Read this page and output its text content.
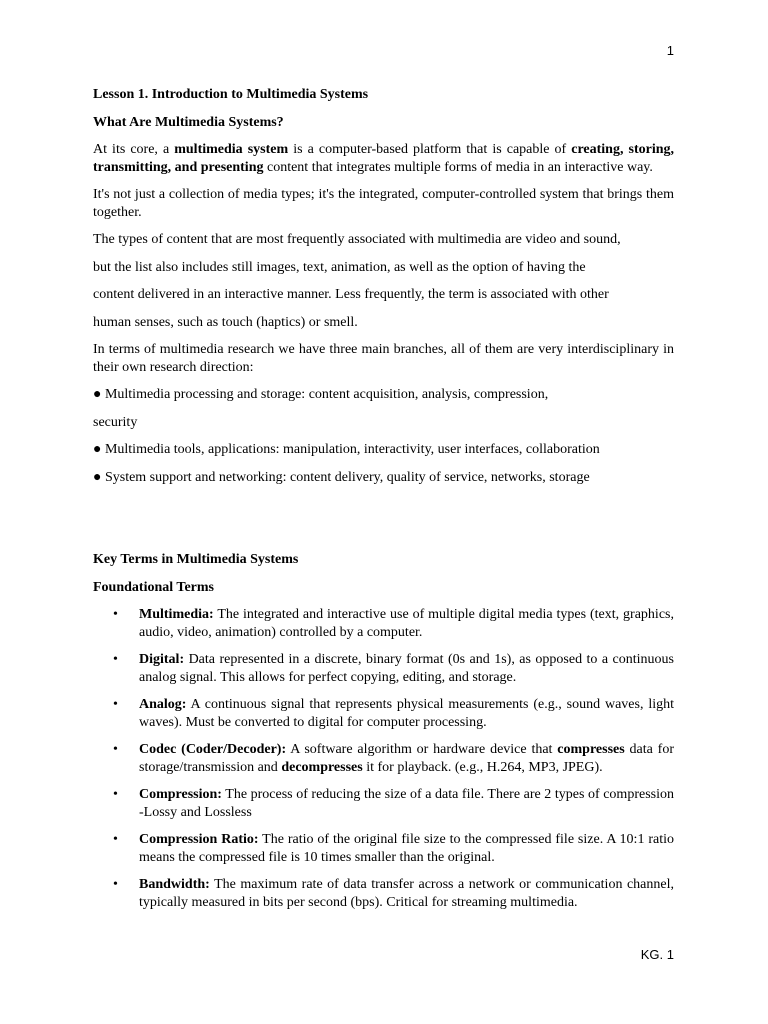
1

Lesson 1. Introduction to Multimedia Systems

What Are Multimedia Systems?

At its core, a multimedia system is a computer-based platform that is capable of creating, storing, transmitting, and presenting content that integrates multiple forms of media in an interactive way.

It's not just a collection of media types; it's the integrated, computer-controlled system that brings them together.

The types of content that are most frequently associated with multimedia are video and sound,

but the list also includes still images, text, animation, as well as the option of having the

content delivered in an interactive manner. Less frequently, the term is associated with other

human senses, such as touch (haptics) or smell.

In terms of multimedia research we have three main branches, all of them are very interdisciplinary in their own research direction:

● Multimedia processing and storage: content acquisition, analysis, compression,

security

● Multimedia tools, applications: manipulation, interactivity, user interfaces, collaboration

● System support and networking: content delivery, quality of service, networks, storage

Key Terms in Multimedia Systems

Foundational Terms

• Multimedia: The integrated and interactive use of multiple digital media types (text, graphics, audio, video, animation) controlled by a computer.
• Digital: Data represented in a discrete, binary format (0s and 1s), as opposed to a continuous analog signal. This allows for perfect copying, editing, and storage.
• Analog: A continuous signal that represents physical measurements (e.g., sound waves, light waves). Must be converted to digital for computer processing.
• Codec (Coder/Decoder): A software algorithm or hardware device that compresses data for storage/transmission and decompresses it for playback. (e.g., H.264, MP3, JPEG).
• Compression: The process of reducing the size of a data file. There are 2 types of compression -Lossy and Lossless
• Compression Ratio: The ratio of the original file size to the compressed file size. A 10:1 ratio means the compressed file is 10 times smaller than the original.
• Bandwidth: The maximum rate of data transfer across a network or communication channel, typically measured in bits per second (bps). Critical for streaming multimedia.
KG. 1
